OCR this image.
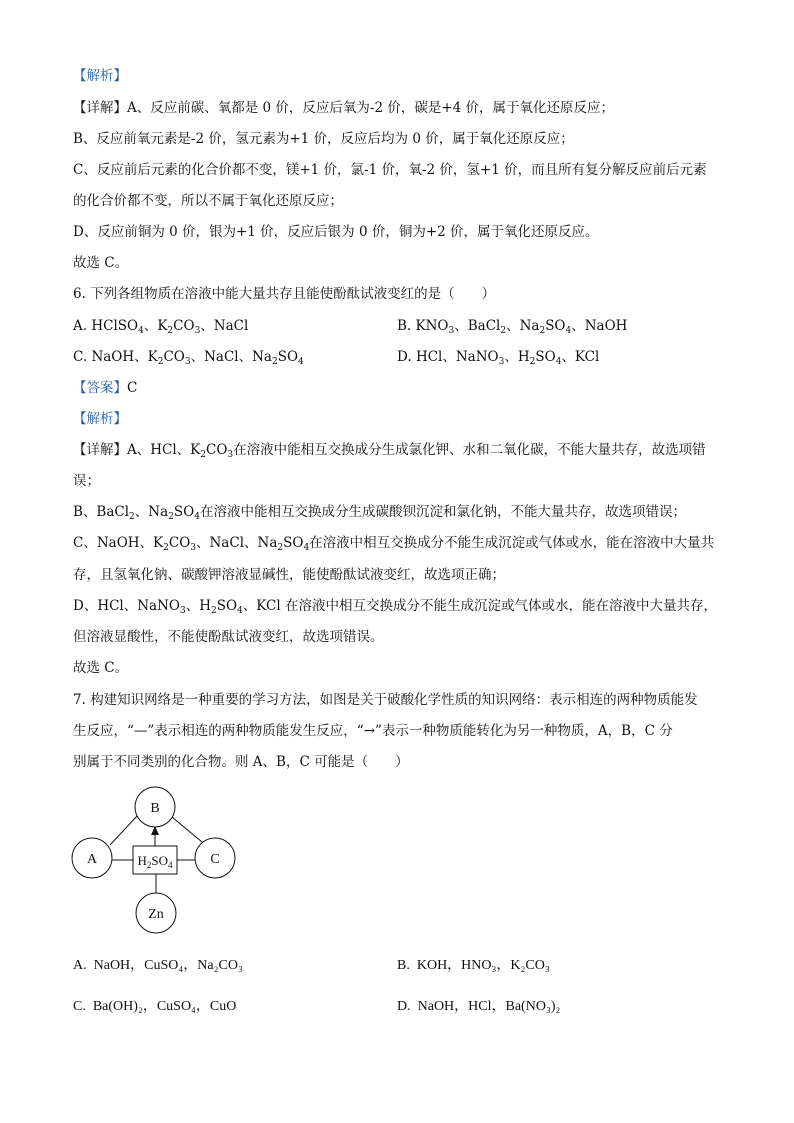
【解析】
【详解】A、反应前碳、氧都是 0 价，反应后氧为-2 价，碳是+4 价，属于氧化还原反应；
B、反应前氧元素是-2 价，氢元素为+1 价，反应后均为 0 价，属于氧化还原反应；
C、反应前后元素的化合价都不变，镁+1 价，氯-1 价，氧-2 价，氢+1 价，而且所有复分解反应前后元素
的化合价都不变，所以不属于氧化还原反应；
D、反应前铜为 0 价，银为+1 价，反应后银为 0 价，铜为+2 价，属于氧化还原反应。
故选 C。
6. 下列各组物质在溶液中能大量共存且能使酚酞试液变红的是（　　）
A. HClSO$_4$、$K_2CO_3$、NaCl	B. $KNO_3$、BaCl$_2$、$Na_2SO_4$、NaOH
C. NaOH、$K_2CO_3$、NaCl、$Na_2SO_4$	D. HCl、NaNO$_3$、$H_2SO_4$、KCl
【答案】C
【解析】
【详解】A、HCl、$K_2CO_3$在溶液中能相互交换成分生成氯化钾、水和二氧化碳，不能大量共存，故选项错
误；
B、BaCl$_2$、$Na_2SO_4$在溶液中能相互交换成分生成碳酸钡沉淀和氯化钠，不能大量共存，故选项错误；
C、NaOH、$K_2CO_3$、NaCl、$Na_2SO_4$在溶液中相互交换成分不能生成沉淀或气体或水，能在溶液中大量共
存，且氢氧化钠、碳酸钾溶液显碱性，能使酚酞试液变红，故选项正确；
D、HCl、NaNO$_3$、$H_2SO_4$、KCl 在溶液中相互交换成分不能生成沉淀或气体或水，能在溶液中大量共存，
但溶液显酸性，不能使酚酞试液变红，故选项错误。
故选 C。
7. 构建知识网络是一种重要的学习方法，如图是关于破酸化学性质的知识网络：表示相连的两种物质能发
生反应，“—”表示相连的两种物质能发生反应，“→”表示一种物质能转化为另一种物质，A，B，C 分
别属于不同类别的化合物。则 A、B，C 可能是（　　）
B
A	C
Zn
$H_2SO_4$
A. NaOH，CuSO₄，Na₂CO₃	B. KOH，HNO₃，K₂CO₃
C. Ba(OH)₂，CuSO₄，CuO	D. NaOH，HCl，Ba(NO₃)₂
